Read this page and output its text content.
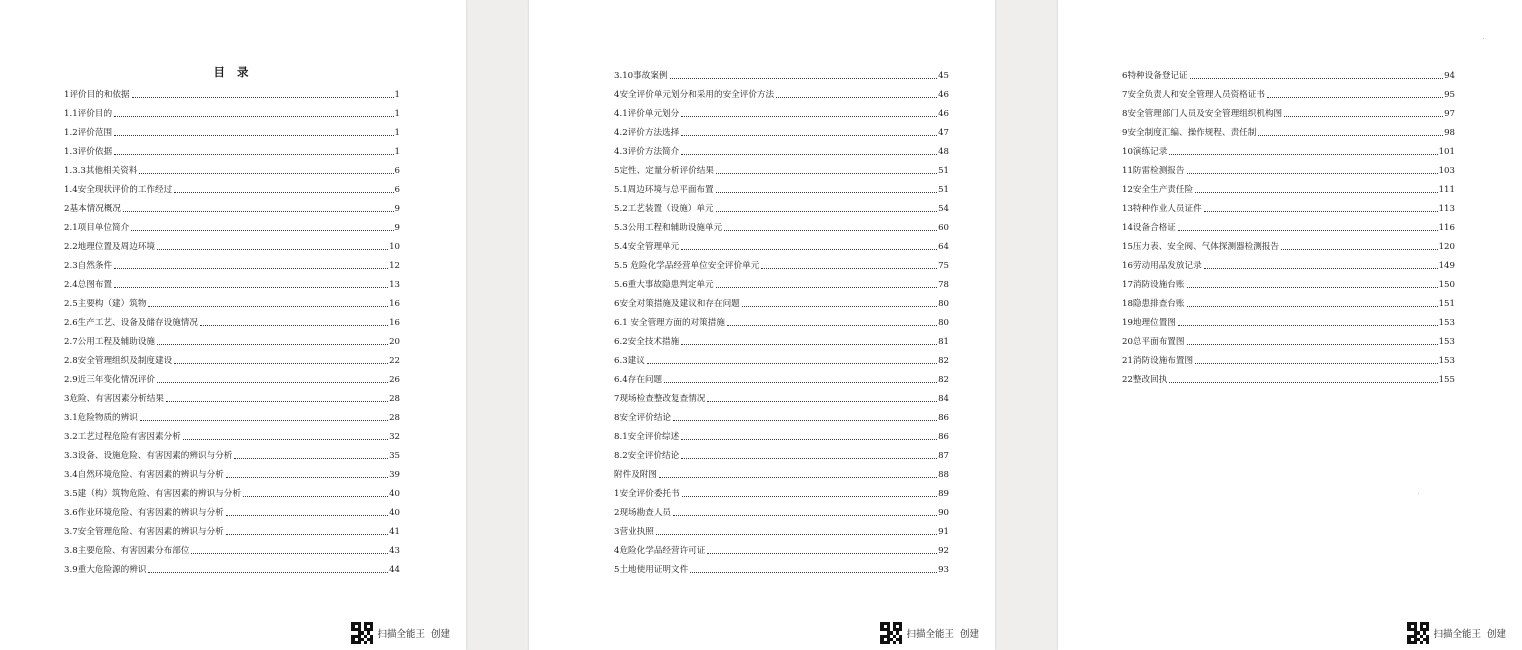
目 录
1评价目的和依据	1
1.1评价目的	1
1.2评价范围	1
1.3评价依据	1
1.3.3其他相关资料	6
1.4安全现状评价的工作经过	6
2基本情况概况	9
2.1项目单位简介	9
2.2地理位置及周边环境	10
2.3自然条件	12
2.4总图布置	13
2.5主要构（建）筑物	16
2.6生产工艺、设备及储存设施情况	16
2.7公用工程及辅助设施	20
2.8安全管理组织及制度建设	22
2.9近三年变化情况评价	26
3危险、有害因素分析结果	28
3.1危险物质的辨识	28
3.2工艺过程危险有害因素分析	32
3.3设备、设施危险、有害因素的辨识与分析	35
3.4自然环境危险、有害因素的辨识与分析	39
3.5建（构）筑物危险、有害因素的辨识与分析	40
3.6作业环境危险、有害因素的辨识与分析	40
3.7安全管理危险、有害因素的辨识与分析	41
3.8主要危险、有害因素分布部位	43
3.9重大危险源的辨识	44
扫描全能王 创建
3.10事故案例	45
4安全评价单元划分和采用的安全评价方法	46
4.1评价单元划分	46
4.2评价方法选择	47
4.3评价方法简介	48
5定性、定量分析评价结果	51
5.1周边环境与总平面布置	51
5.2工艺装置（设施）单元	54
5.3公用工程和辅助设施单元	60
5.4安全管理单元	64
5.5 危险化学品经营单位安全评价单元	75
5.6重大事故隐患判定单元	78
6安全对策措施及建议和存在问题	80
6.1 安全管理方面的对策措施	80
6.2安全技术措施	81
6.3建议	82
6.4存在问题	82
7现场检查整改复查情况	84
8安全评价结论	86
8.1安全评价综述	86
8.2安全评价结论	87
附件及附图	88
1安全评价委托书	89
2现场勘查人员	90
3营业执照	91
4危险化学品经营许可证	92
5土地使用证明文件	93
扫描全能王 创建
6特种设备登记证	94
7安全负责人和安全管理人员资格证书	95
8安全管理部门人员及安全管理组织机构图	97
9安全制度汇编、操作规程、责任制	98
10演练记录	101
11防雷检测报告	103
12安全生产责任险	111
13特种作业人员证件	113
14设备合格证	116
15压力表、安全阀、气体探测器检测报告	120
16劳动用品发放记录	149
17消防设施台账	150
18隐患排查台账	151
19地理位置图	153
20总平面布置图	153
21消防设施布置图	153
22整改回执	155
扫描全能王 创建
